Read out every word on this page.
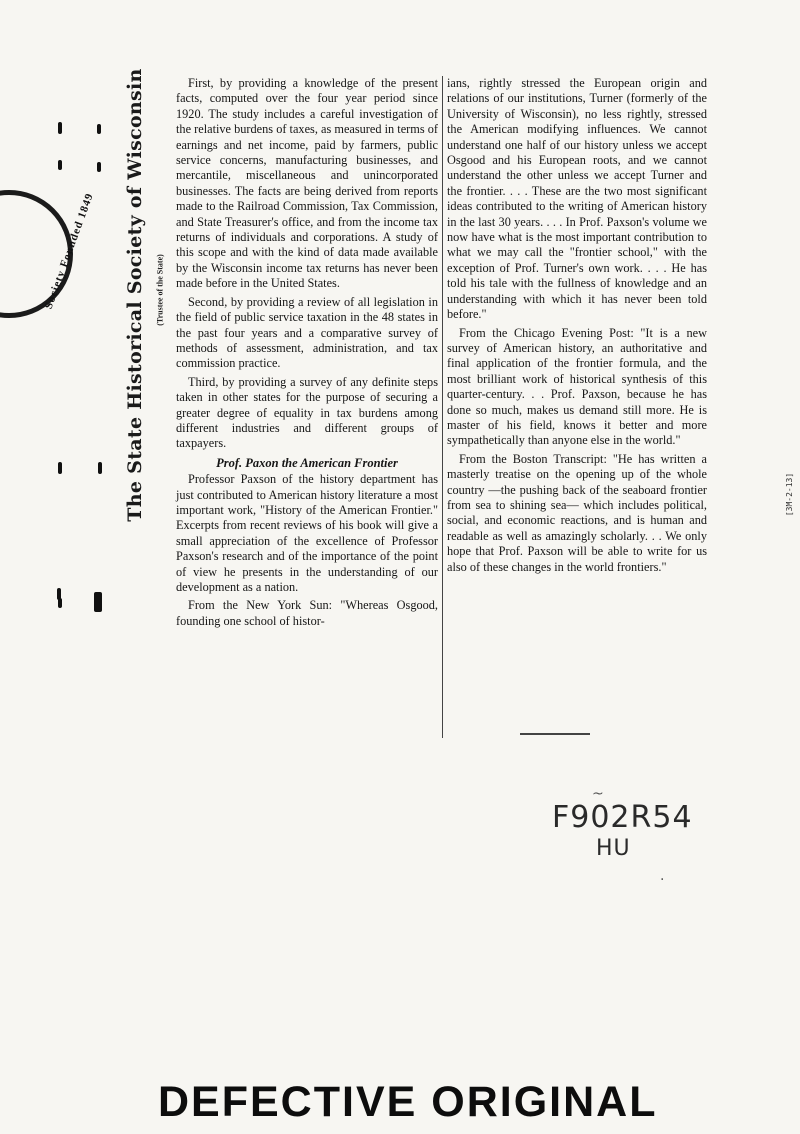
Society Founded 1849 The State Historical Society of Wisconsin (Trustee of the State)

First, by providing a knowledge of the present facts, computed over the four year period since 1920. The study includes a careful investigation of the relative burdens of taxes, as measured in terms of earnings and net income, paid by farmers, public service concerns, manufacturing businesses, and mercantile, miscellaneous and unincorporated businesses. The facts are being derived from reports made to the Railroad Commission, Tax Commission, and State Treasurer's office, and from the income tax returns of individuals and corporations. A study of this scope and with the kind of data made available by the Wisconsin income tax returns has never been made before in the United States.

Second, by providing a review of all legislation in the field of public service taxation in the 48 states in the past four years and a comparative survey of methods of assessment, administration, and tax commission practice.

Third, by providing a survey of any definite steps taken in other states for the purpose of securing a greater degree of equality in tax burdens among different industries and different groups of taxpayers.

Prof. Paxon the American Frontier

Professor Paxson of the history department has just contributed to American history literature a most important work, "History of the American Frontier." Excerpts from recent reviews of his book will give a small appreciation of the excellence of Professor Paxson's research and of the importance of the point of view he presents in the understanding of our development as a nation.

From the New York Sun: "Whereas Osgood, founding one school of histor-

ians, rightly stressed the European origin and relations of our institutions, Turner (formerly of the University of Wisconsin), no less rightly, stressed the American modifying influences. We cannot understand one half of our history unless we accept Osgood and his European roots, and we cannot understand the other unless we accept Turner and the frontier. . . . These are the two most significant ideas contributed to the writing of American history in the last 30 years. . . . In Prof. Paxson's volume we now have what is the most important contribution to what we may call the "frontier school," with the exception of Prof. Turner's own work. . . . He has told his tale with the fullness of knowledge and an understanding with which it has never been told before."

From the Chicago Evening Post: "It is a new survey of American history, an authoritative and final application of the frontier formula, and the most brilliant work of historical synthesis of this quarter-century. . . Prof. Paxson, because he has done so much, makes us demand still more. He is master of his field, knows it better and more sympathetically than anyone else in the world."

From the Boston Transcript: "He has written a masterly treatise on the opening up of the whole country —the pushing back of the seaboard frontier from sea to shining sea— which includes political, social, and economic reactions, and is human and readable as well as amazingly scholarly. . . We only hope that Prof. Paxson will be able to write for us also of these changes in the world frontiers."

[3M-2-13]
~
F902R54
HU
·
DEFECTIVE ORIGINAL
